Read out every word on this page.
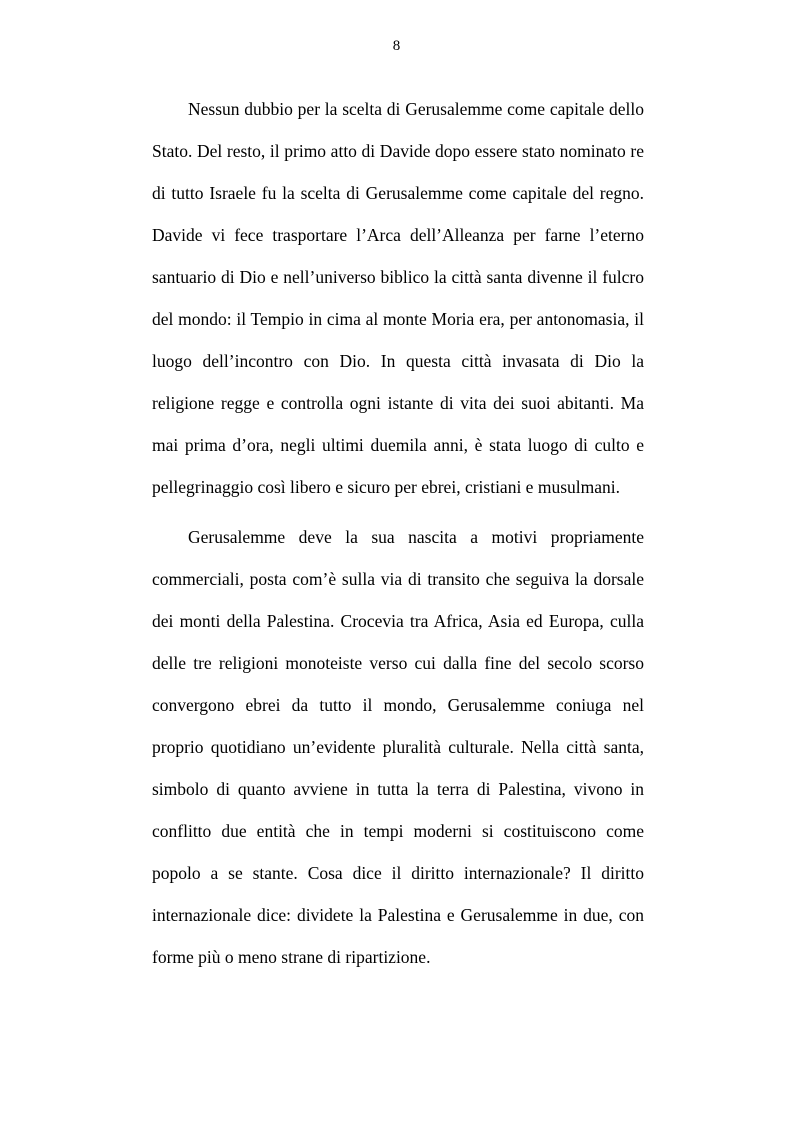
8

Nessun dubbio per la scelta di Gerusalemme come capitale dello Stato. Del resto, il primo atto di Davide dopo essere stato nominato re di tutto Israele fu la scelta di Gerusalemme come capitale del regno. Davide vi fece trasportare l’Arca dell’Alleanza per farne l’eterno santuario di Dio e nell’universo biblico la città santa divenne il fulcro del mondo: il Tempio in cima al monte Moria era, per antonomasia, il luogo dell’incontro con Dio. In questa città invasata di Dio la religione regge e controlla ogni istante di vita dei suoi abitanti. Ma mai prima d’ora, negli ultimi duemila anni, è stata luogo di culto e pellegrinaggio così libero e sicuro per ebrei, cristiani e musulmani.

Gerusalemme deve la sua nascita a motivi propriamente commerciali, posta com’è sulla via di transito che seguiva la dorsale dei monti della Palestina. Crocevia tra Africa, Asia ed Europa, culla delle tre religioni monoteiste verso cui dalla fine del secolo scorso convergono ebrei da tutto il mondo, Gerusalemme coniuga nel proprio quotidiano un’evidente pluralità culturale. Nella città santa, simbolo di quanto avviene in tutta la terra di Palestina, vivono in conflitto due entità che in tempi moderni si costituiscono come popolo a se stante. Cosa dice il diritto internazionale? Il diritto internazionale dice: dividete la Palestina e Gerusalemme in due, con forme più o meno strane di ripartizione.
